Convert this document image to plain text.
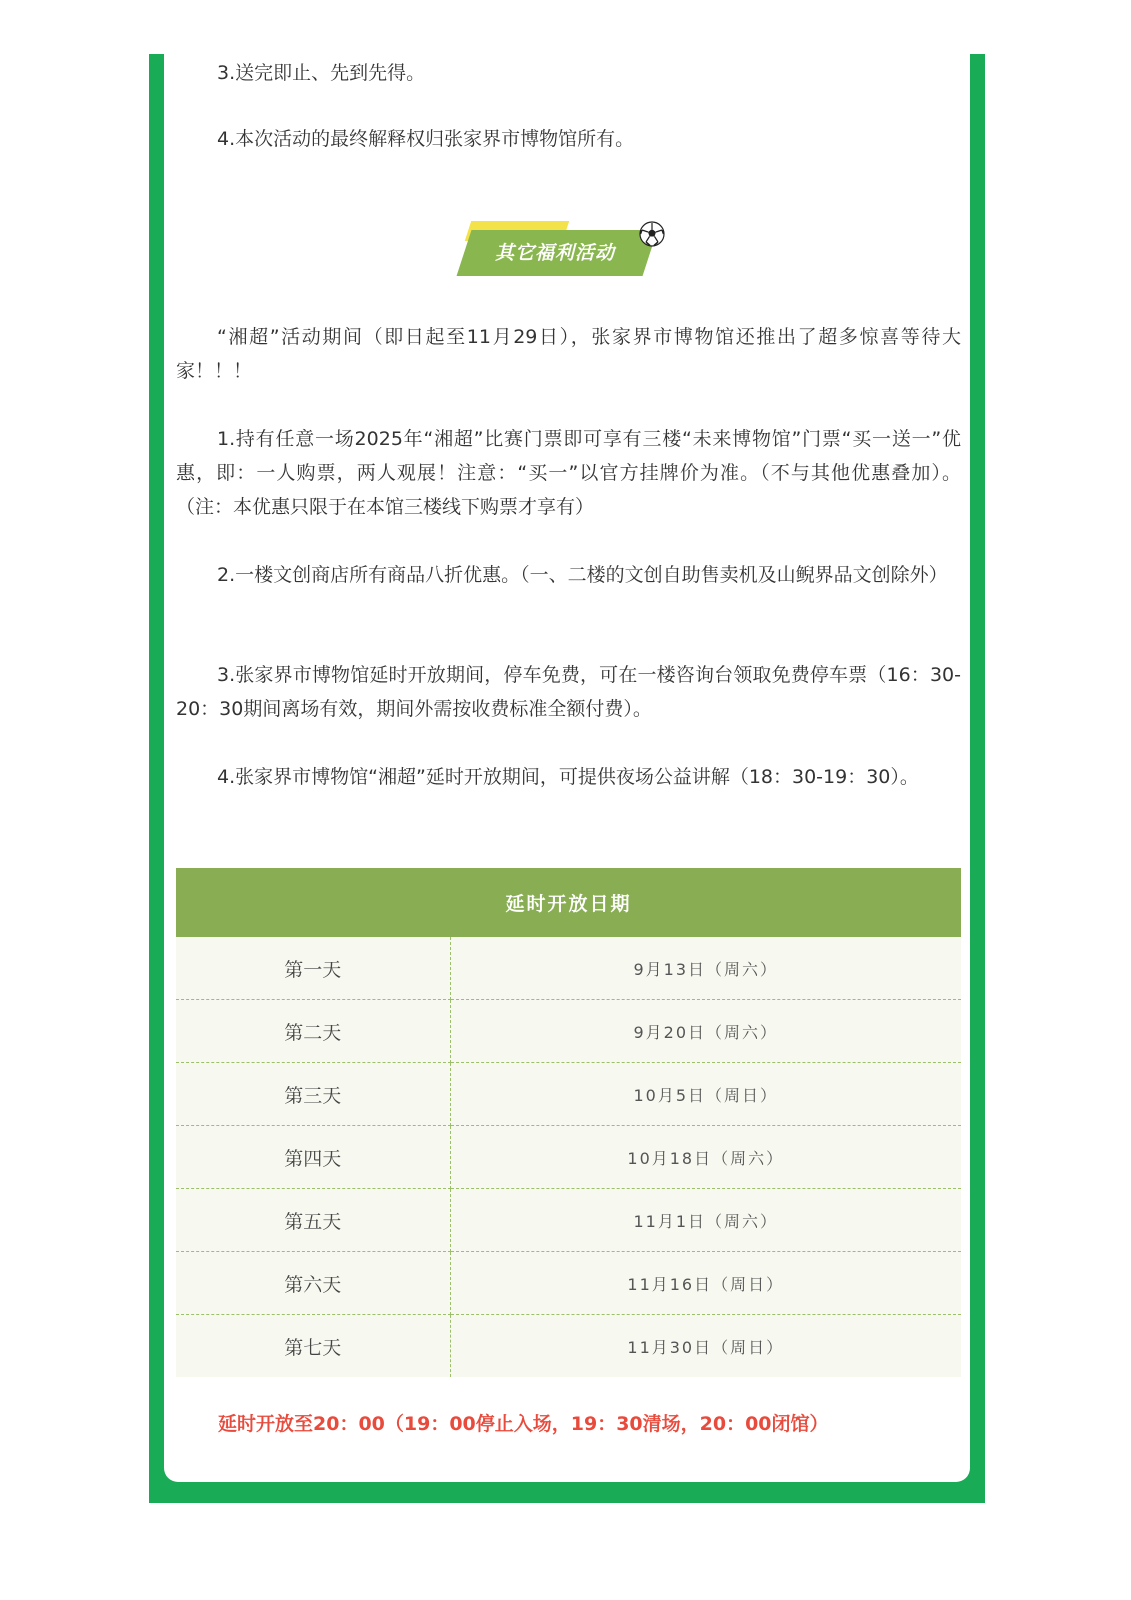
3.送完即止、先到先得。

4.本次活动的最终解释权归张家界市博物馆所有。

其它福利活动

“湘超”活动期间（即日起至11月29日），张家界市博物馆还推出了超多惊喜等待大家！！！

1.持有任意一场2025年“湘超”比赛门票即可享有三楼“未来博物馆”门票“买一送一”优惠，即：一人购票，两人观展！注意：“买一”以官方挂牌价为准。（不与其他优惠叠加）。（注：本优惠只限于在本馆三楼线下购票才享有）

2.一楼文创商店所有商品八折优惠。（一、二楼的文创自助售卖机及山鲵界品文创除外）

3.张家界市博物馆延时开放期间，停车免费，可在一楼咨询台领取免费停车票（16：30-20：30期间离场有效，期间外需按收费标准全额付费）。

4.张家界市博物馆“湘超”延时开放期间，可提供夜场公益讲解（18：30-19：30）。

延时开放日期	
第一天	9月13日（周六）
第二天	9月20日（周六）
第三天	10月5日（周日）
第四天	10月18日（周六）
第五天	11月1日（周六）
第六天	11月16日（周日）
第七天	11月30日（周日）
延时开放至20：00（19：00停止入场，19：30清场，20：00闭馆）
